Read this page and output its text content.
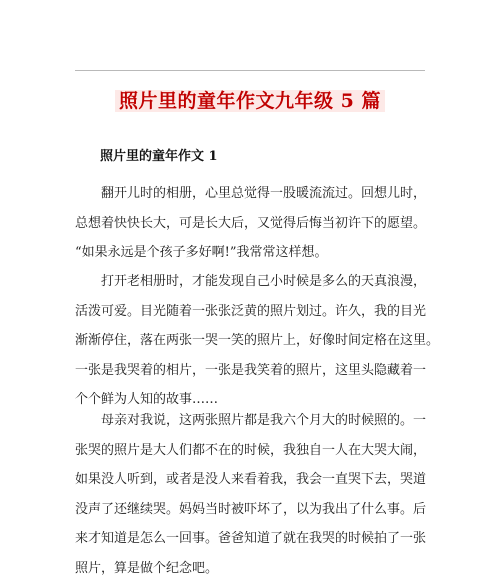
照片里的童年作文九年级 5 篇
照片里的童年作文 1
　　翻开儿时的相册，心里总觉得一股暖流流过。回想儿时，
总想着快快长大，可是长大后，又觉得后悔当初许下的愿望。
“如果永远是个孩子多好啊!”我常常这样想。
　　打开老相册时，才能发现自己小时候是多么的天真浪漫，
活泼可爱。目光随着一张张泛黄的照片划过。许久，我的目光
渐渐停住，落在两张一哭一笑的照片上，好像时间定格在这里。
一张是我哭着的相片，一张是我笑着的照片，这里头隐藏着一
个个鲜为人知的故事……
　　母亲对我说，这两张照片都是我六个月大的时候照的。一
张哭的照片是大人们都不在的时候，我独自一人在大哭大闹，
如果没人听到，或者是没人来看着我，我会一直哭下去，哭道
没声了还继续哭。妈妈当时被吓坏了，以为我出了什么事。后
来才知道是怎么一回事。爸爸知道了就在我哭的时候拍了一张
照片，算是做个纪念吧。
